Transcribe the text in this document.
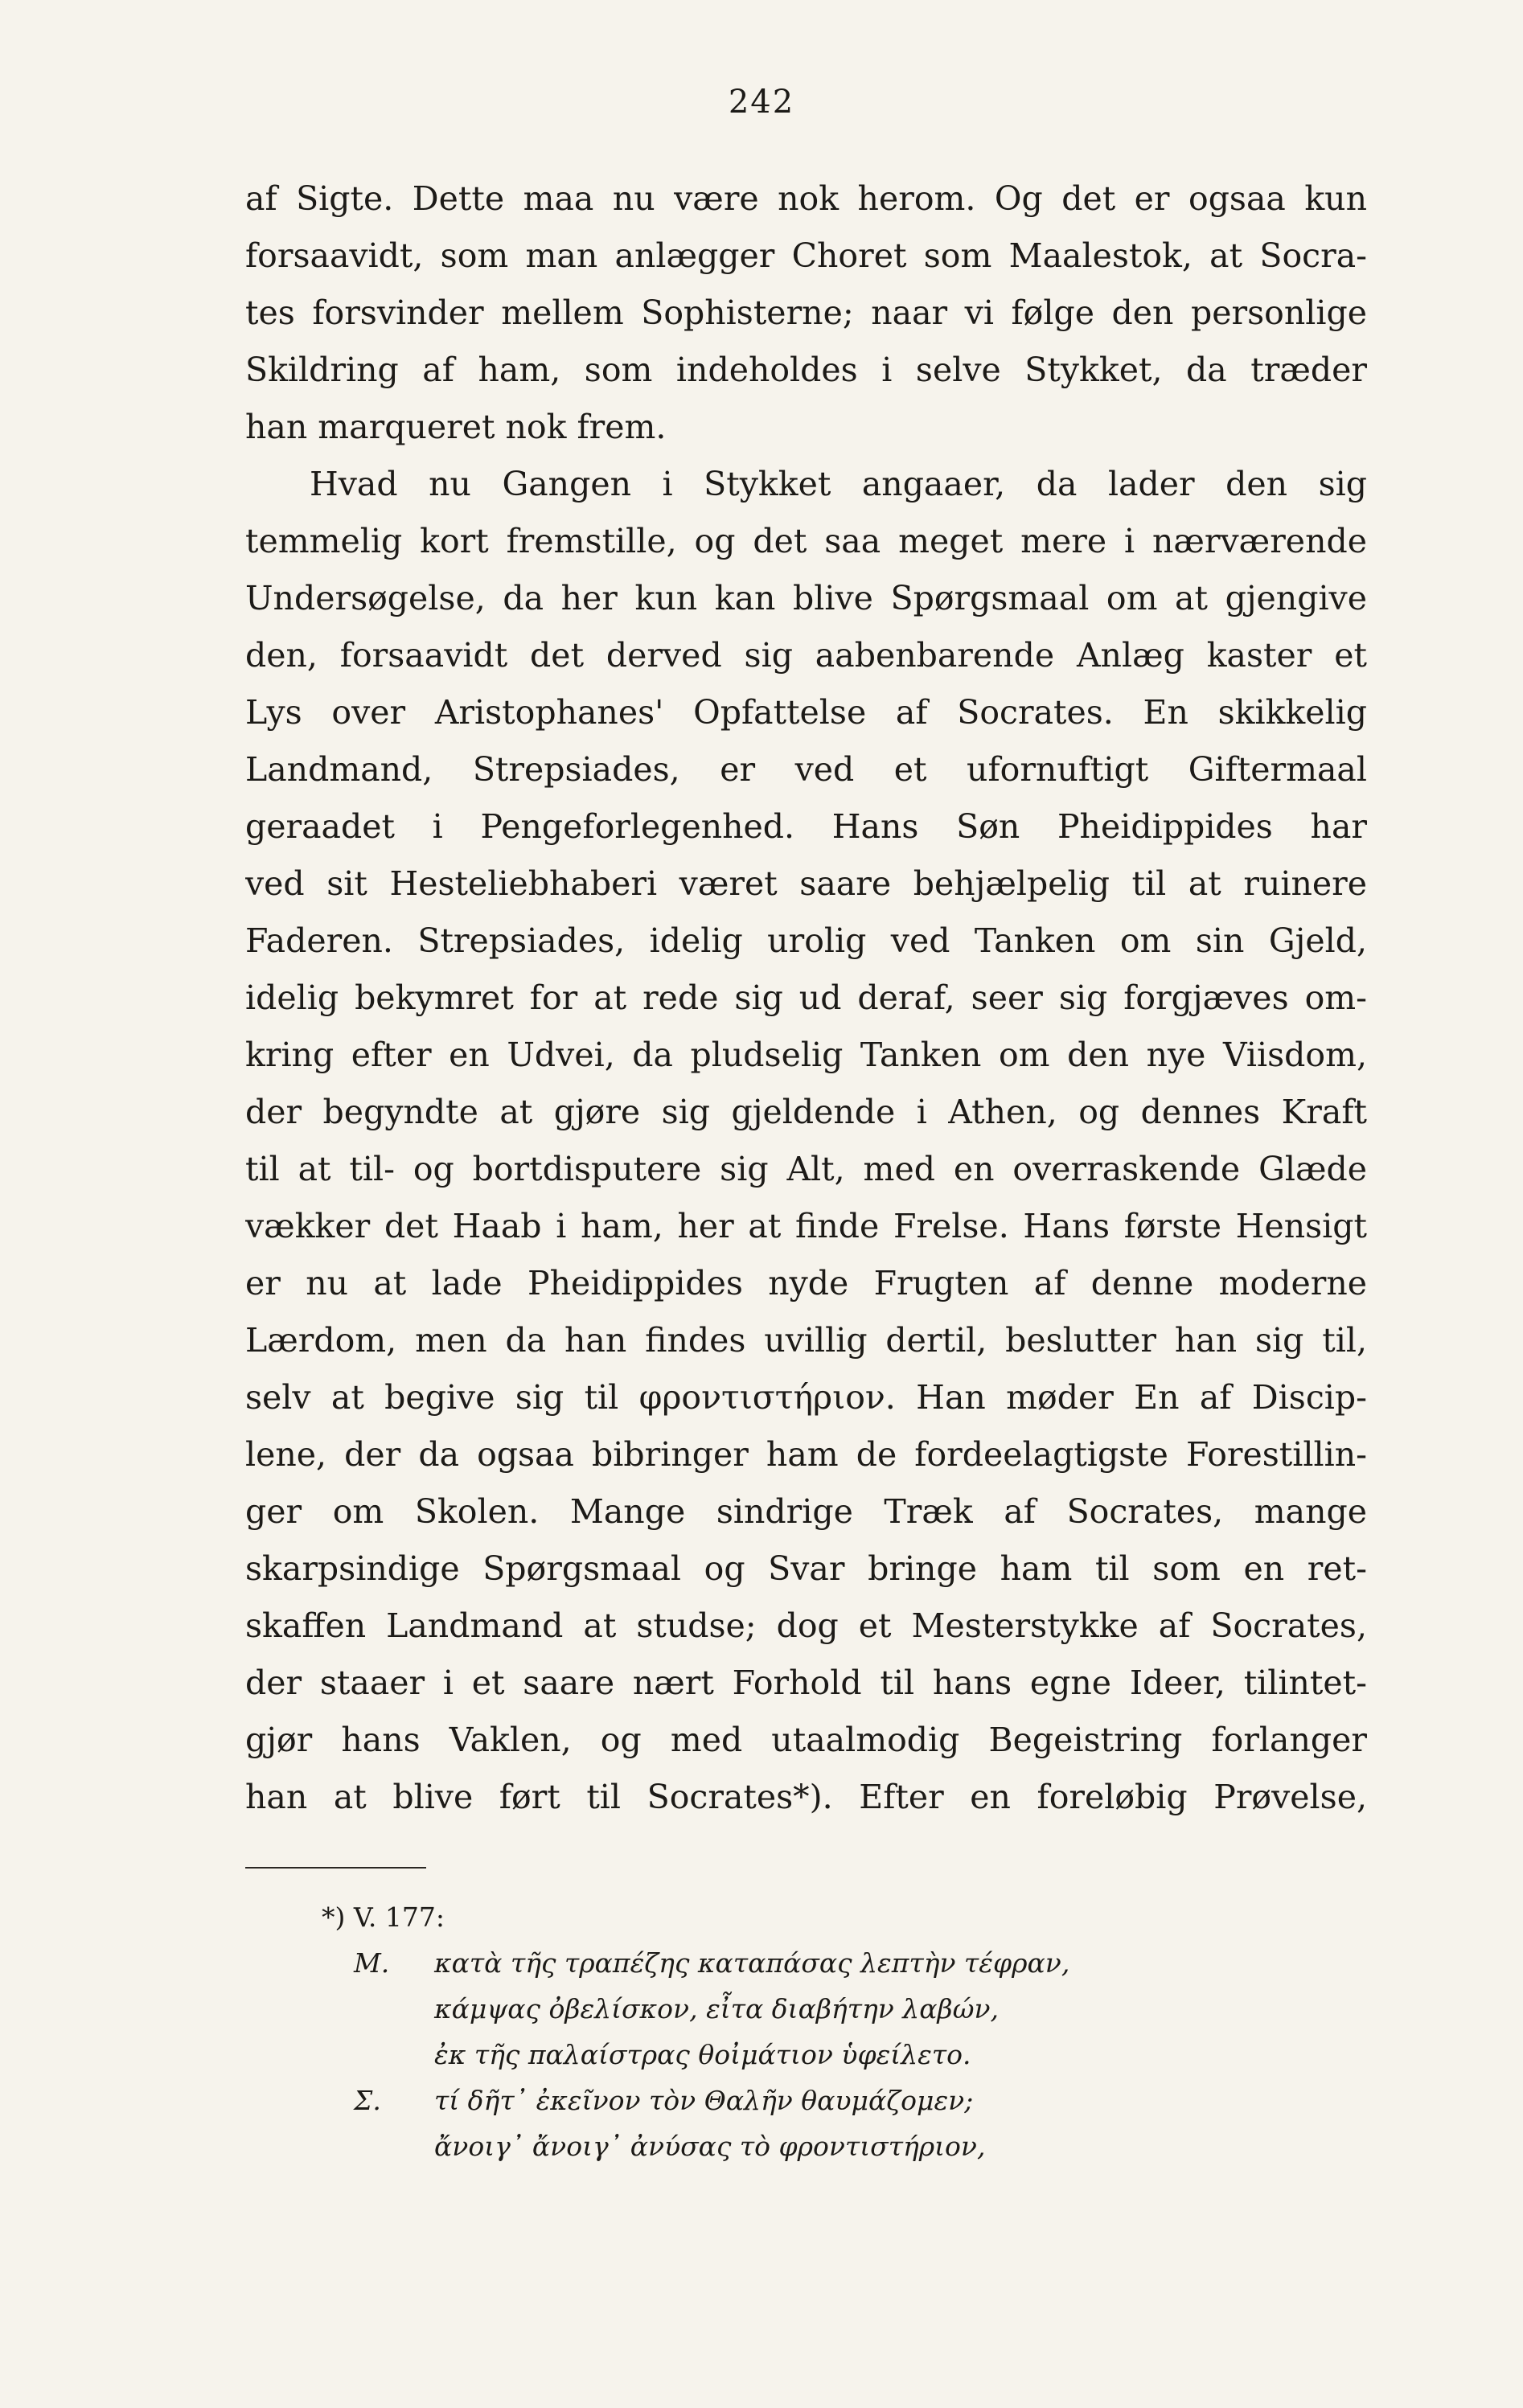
242
af Sigte. Dette maa nu være nok herom. Og det er ogsaa kun
forsaavidt, som man anlægger Choret som Maalestok, at Socra-
tes forsvinder mellem Sophisterne; naar vi følge den personlige
Skildring af ham, som indeholdes i selve Stykket, da træder
han marqueret nok frem.
Hvad nu Gangen i Stykket angaaer, da lader den sig
temmelig kort fremstille, og det saa meget mere i nærværende
Undersøgelse, da her kun kan blive Spørgsmaal om at gjengive
den, forsaavidt det derved sig aabenbarende Anlæg kaster et
Lys over Aristophanes' Opfattelse af Socrates. En skikkelig
Landmand, Strepsiades, er ved et ufornuftigt Giftermaal
geraadet i Pengeforlegenhed. Hans Søn Pheidippides har
ved sit Hesteliebhaberi været saare behjælpelig til at ruinere
Faderen. Strepsiades, idelig urolig ved Tanken om sin Gjeld,
idelig bekymret for at rede sig ud deraf, seer sig forgjæves om-
kring efter en Udvei, da pludselig Tanken om den nye Viisdom,
der begyndte at gjøre sig gjeldende i Athen, og dennes Kraft
til at til- og bortdisputere sig Alt, med en overraskende Glæde
vækker det Haab i ham, her at finde Frelse. Hans første Hensigt
er nu at lade Pheidippides nyde Frugten af denne moderne
Lærdom, men da han findes uvillig dertil, beslutter han sig til,
selv at begive sig til φροντιστήριον. Han møder En af Discip-
lene, der da ogsaa bibringer ham de fordeelagtigste Forestillin-
ger om Skolen. Mange sindrige Træk af Socrates, mange
skarpsindige Spørgsmaal og Svar bringe ham til som en ret-
skaffen Landmand at studse; dog et Mesterstykke af Socrates,
der staaer i et saare nært Forhold til hans egne Ideer, tilintet-
gjør hans Vaklen, og med utaalmodig Begeistring forlanger
han at blive ført til Socrates*). Efter en foreløbig Prøvelse,
*) V. 177:
M. κατὰ τῆς τραπέζης καταπάσας λεπτὴν τέφραν,
κάμψας ὀβελίσκον, εἶτα διαβήτην λαβών,
ἐκ τῆς παλαίστρας θοἰμάτιον ὑφείλετο.
Σ. τί δῆτ᾽ ἐκεῖνον τὸν Θαλῆν θαυμάζομεν;
ἄνοιγ᾽ ἄνοιγ᾽ ἀνύσας τὸ φροντιστήριον,
